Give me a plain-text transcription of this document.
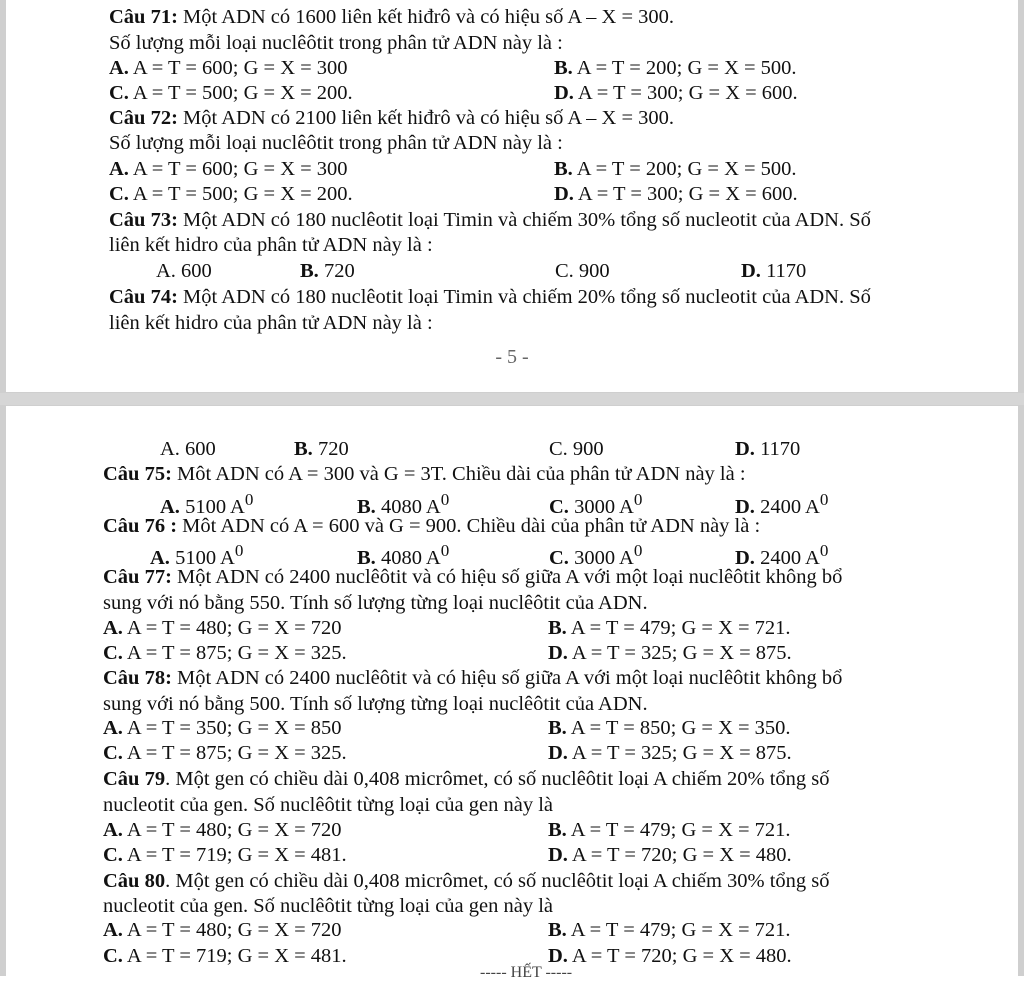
Câu 71: Một ADN có 1600 liên kết hiđrô và có hiệu số A – X = 300.
Số lượng mỗi loại nuclêôtit trong phân tử ADN này là :
A. A = T = 600; G = X = 300	B. A = T = 200; G = X = 500.
C. A = T = 500; G = X = 200.	D. A = T = 300; G = X = 600.
Câu 72: Một ADN có 2100 liên kết hiđrô và có hiệu số A – X = 300.
Số lượng mỗi loại nuclêôtit trong phân tử ADN này là :
A. A = T = 600; G = X = 300	B. A = T = 200; G = X = 500.
C. A = T = 500; G = X = 200.	D. A = T = 300; G = X = 600.
Câu 73: Một ADN có 180 nuclêotit loại Timin và chiếm 30% tổng số nucleotit của ADN. Số
liên kết hidro của phân tử ADN này là :
A. 600	B. 720	C. 900	D. 1170
Câu 74: Một ADN có 180 nuclêotit loại Timin và chiếm 20% tổng số nucleotit của ADN. Số
liên kết hidro của phân tử ADN này là :
- 5 -
A. 600	B. 720	C. 900	D. 1170
Câu 75: Môt ADN có A = 300 và G = 3T. Chiều dài của phân tử ADN này là :
A. 5100 $A^0$	B. 4080 $A^0$	C. 3000 $A^0$	D. 2400 $A^0$
Câu 76 : Môt ADN có A = 600 và G = 900. Chiều dài của phân tử ADN này là :
A. 5100 $A^0$	B. 4080 $A^0$	C. 3000 $A^0$	D. 2400 $A^0$
Câu 77: Một ADN có 2400 nuclêôtit và có hiệu số giữa A với một loại nuclêôtit không bổ
sung với nó bằng 550. Tính số lượng từng loại nuclêôtit của ADN.
A. A = T = 480; G = X = 720	B. A = T = 479; G = X = 721.
C. A = T = 875; G = X = 325.	D. A = T = 325; G = X = 875.
Câu 78: Một ADN có 2400 nuclêôtit và có hiệu số giữa A với một loại nuclêôtit không bổ
sung với nó bằng 500. Tính số lượng từng loại nuclêôtit của ADN.
A. A = T = 350; G = X = 850	B. A = T = 850; G = X = 350.
C. A = T = 875; G = X = 325.	D. A = T = 325; G = X = 875.
Câu 79. Một gen có chiều dài 0,408 micrômet, có số nuclêôtit loại A chiếm 20% tổng số
nucleotit của gen. Số nuclêôtit từng loại của gen này là
A. A = T = 480; G = X = 720	B. A = T = 479; G = X = 721.
C. A = T = 719; G = X = 481.	D. A = T = 720; G = X = 480.
Câu 80. Một gen có chiều dài 0,408 micrômet, có số nuclêôtit loại A chiếm 30% tổng số
nucleotit của gen. Số nuclêôtit từng loại của gen này là
A. A = T = 480; G = X = 720	B. A = T = 479; G = X = 721.
C. A = T = 719; G = X = 481.	D. A = T = 720; G = X = 480.
----- HẾT -----
